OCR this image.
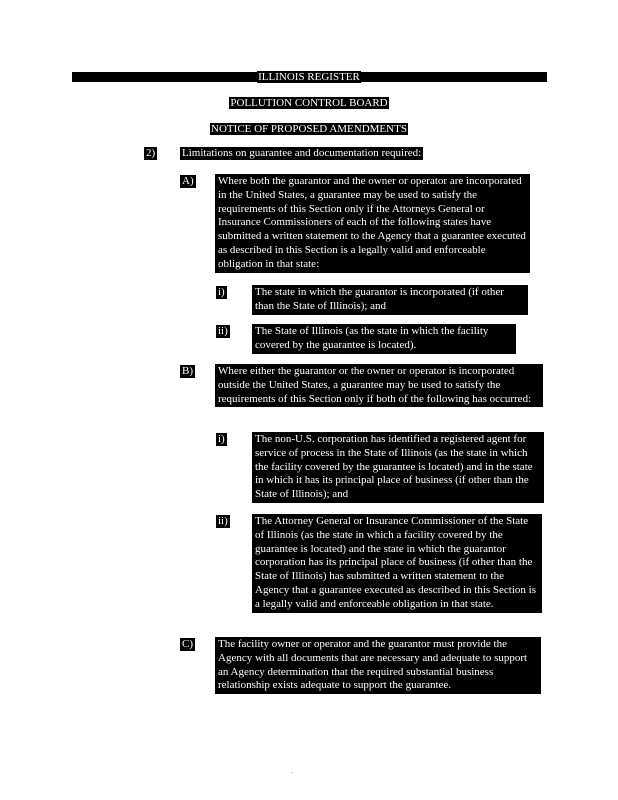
ILLINOIS REGISTER
POLLUTION CONTROL BOARD
NOTICE OF PROPOSED AMENDMENTS
2) Limitations on guarantee and documentation required:
A) Where both the guarantor and the owner or operator are incorporated in the United States, a guarantee may be used to satisfy the requirements of this Section only if the Attorneys General or Insurance Commissioners of each of the following states have submitted a written statement to the Agency that a guarantee executed as described in this Section is a legally valid and enforceable obligation in that state:
i)	The state in which the guarantor is incorporated (if other than the State of Illinois); and
ii) The State of Illinois (as the state in which the facility covered by the guarantee is located).
B) Where either the guarantor or the owner or operator is incorporated outside the United States, a guarantee may be used to satisfy the requirements of this Section only if both of the following has occurred:
i)	The non-U.S. corporation has identified a registered agent for service of process in the State of Illinois (as the state in which the facility covered by the guarantee is located) and in the state in which it has its principal place of business (if other than the State of Illinois); and
ii) The Attorney General or Insurance Commissioner of the State of Illinois (as the state in which a facility covered by the guarantee is located) and the state in which the guarantor corporation has its principal place of business (if other than the State of Illinois) has submitted a written statement to the Agency that a guarantee executed as described in this Section is a legally valid and enforceable obligation in that state.
C) The facility owner or operator and the guarantor must provide the Agency with all documents that are necessary and adequate to support an Agency determination that the required substantial business relationship exists adequate to support the guarantee.
